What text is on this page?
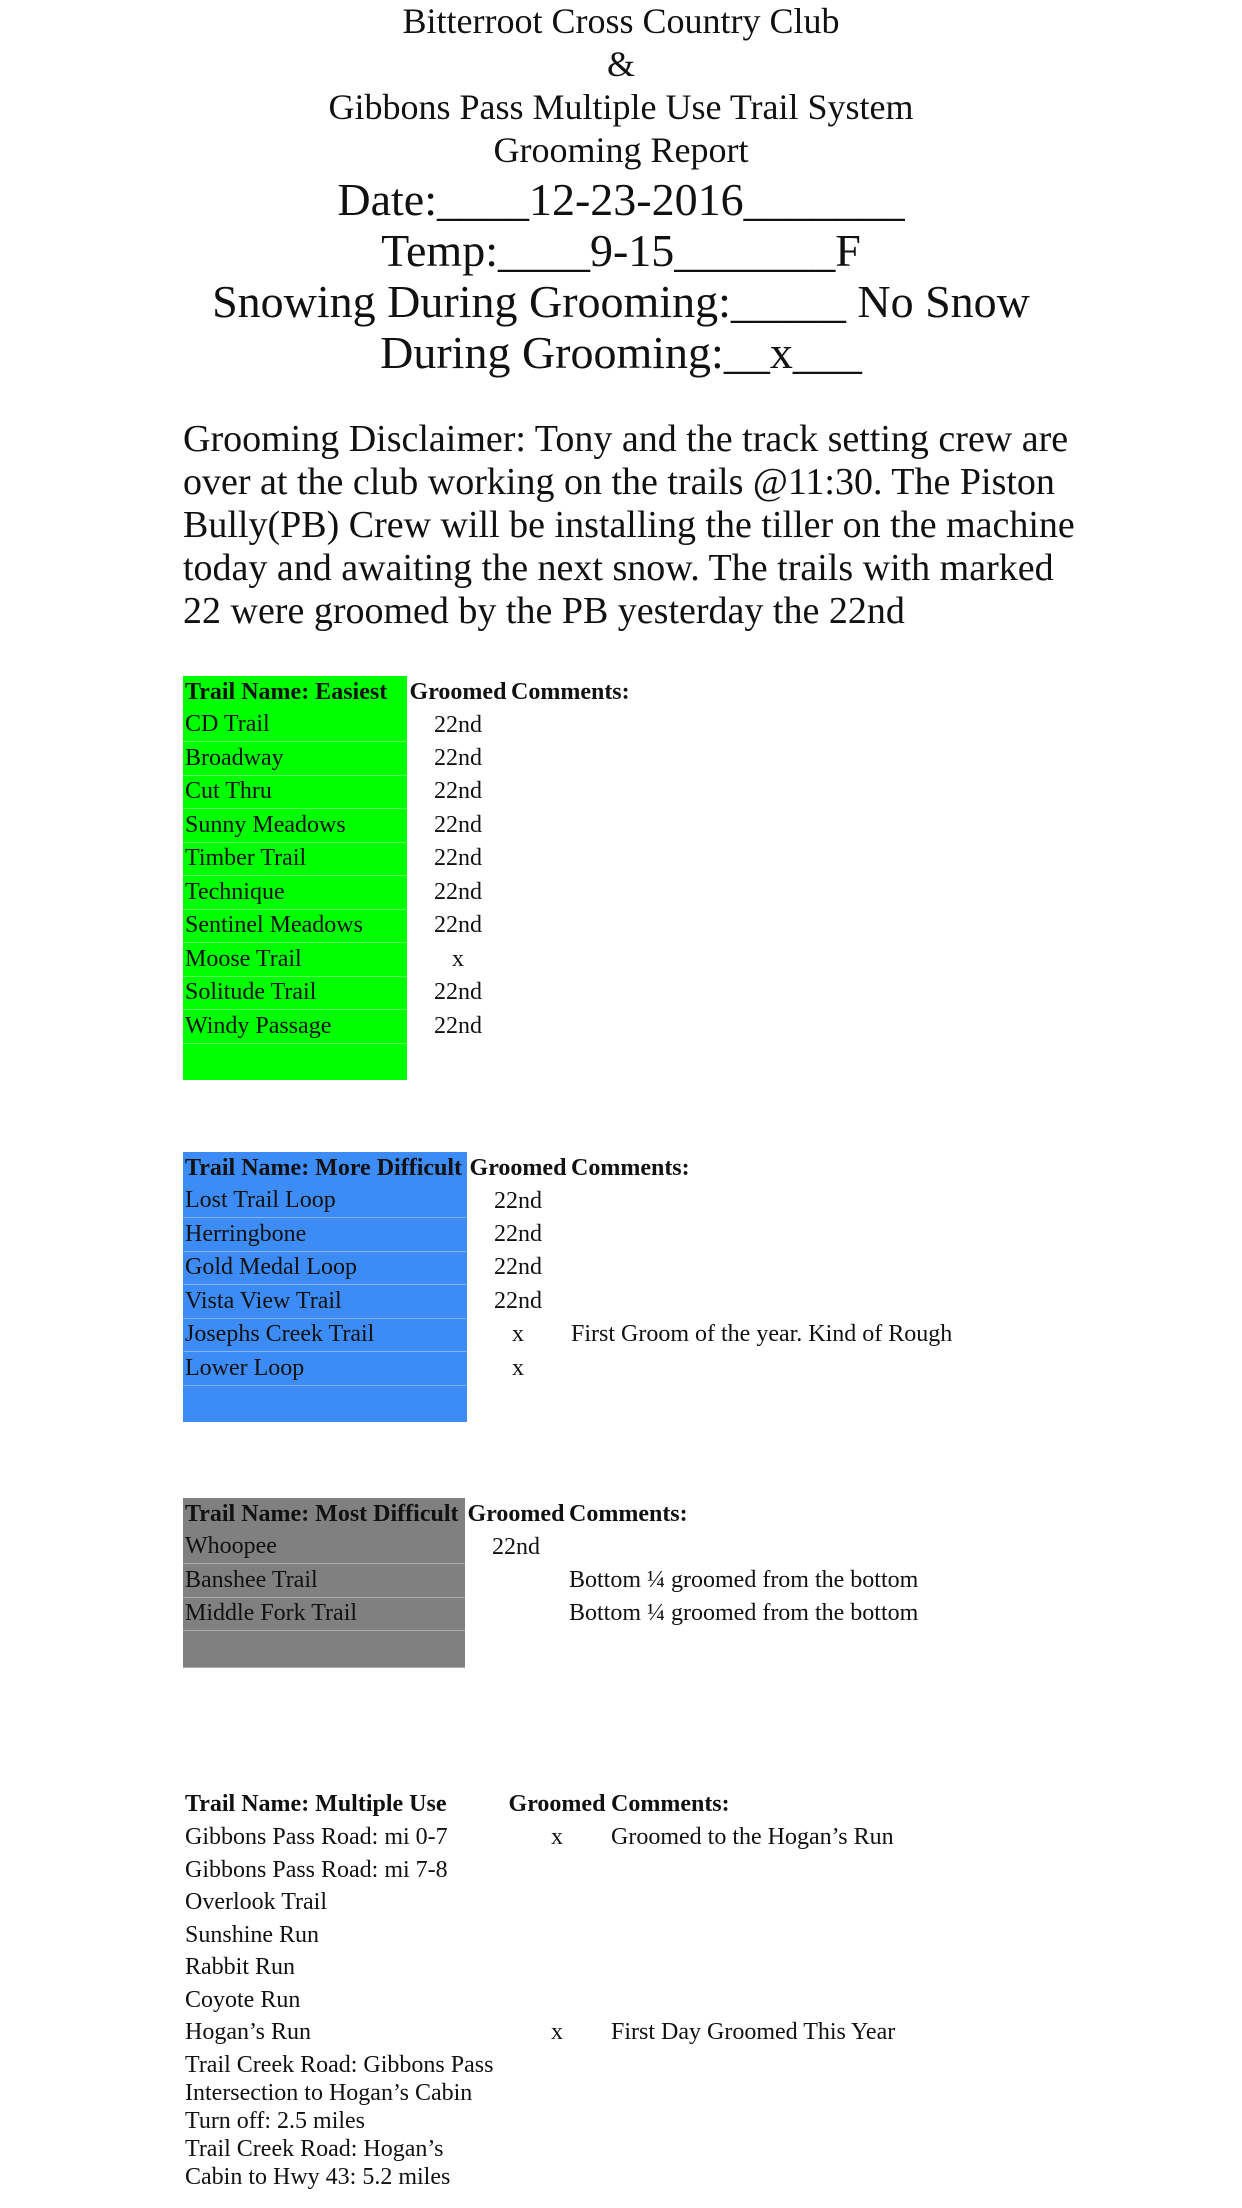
Bitterroot Cross Country Club
&
Gibbons Pass Multiple Use Trail System
Grooming Report
Date:____12-23-2016_______ Temp:____9-15_______F
Snowing During Grooming:_____ No Snow During Grooming:__x___
Grooming Disclaimer: Tony and the track setting crew are over at the club working on the trails @11:30. The Piston Bully(PB) Crew will be installing the tiller on the machine today and awaiting the next snow. The trails with marked 22 were groomed by the PB yesterday the 22nd
Trail Name: Easiest	Groomed	Comments:
CD Trail	22nd	
Broadway	22nd	
Cut Thru	22nd	
Sunny Meadows	22nd	
Timber Trail	22nd	
Technique	22nd	
Sentinel Meadows	22nd	
Moose Trail	x	
Solitude Trail	22nd	
Windy Passage	22nd	

Trail Name: More Difficult	Groomed	Comments:
Lost Trail Loop	22nd	
Herringbone	22nd	
Gold Medal Loop	22nd	
Vista View Trail	22nd	
Josephs Creek Trail	x	First Groom of the year. Kind of Rough
Lower Loop	x	

Trail Name: Most Difficult	Groomed	Comments:
Whoopee	22nd	
Banshee Trail		Bottom ¼ groomed from the bottom
Middle Fork Trail		Bottom ¼ groomed from the bottom

Trail Name: Multiple Use	Groomed	Comments:
Gibbons Pass Road: mi 0-7	x	Groomed to the Hogan’s Run
Gibbons Pass Road: mi 7-8		
Overlook Trail		
Sunshine Run		
Rabbit Run		
Coyote Run		
Hogan’s Run	x	First Day Groomed This Year
Trail Creek Road: Gibbons Pass Intersection to Hogan’s Cabin Turn off: 2.5 miles		
Trail Creek Road: Hogan’s Cabin to Hwy 43: 5.2 miles		
